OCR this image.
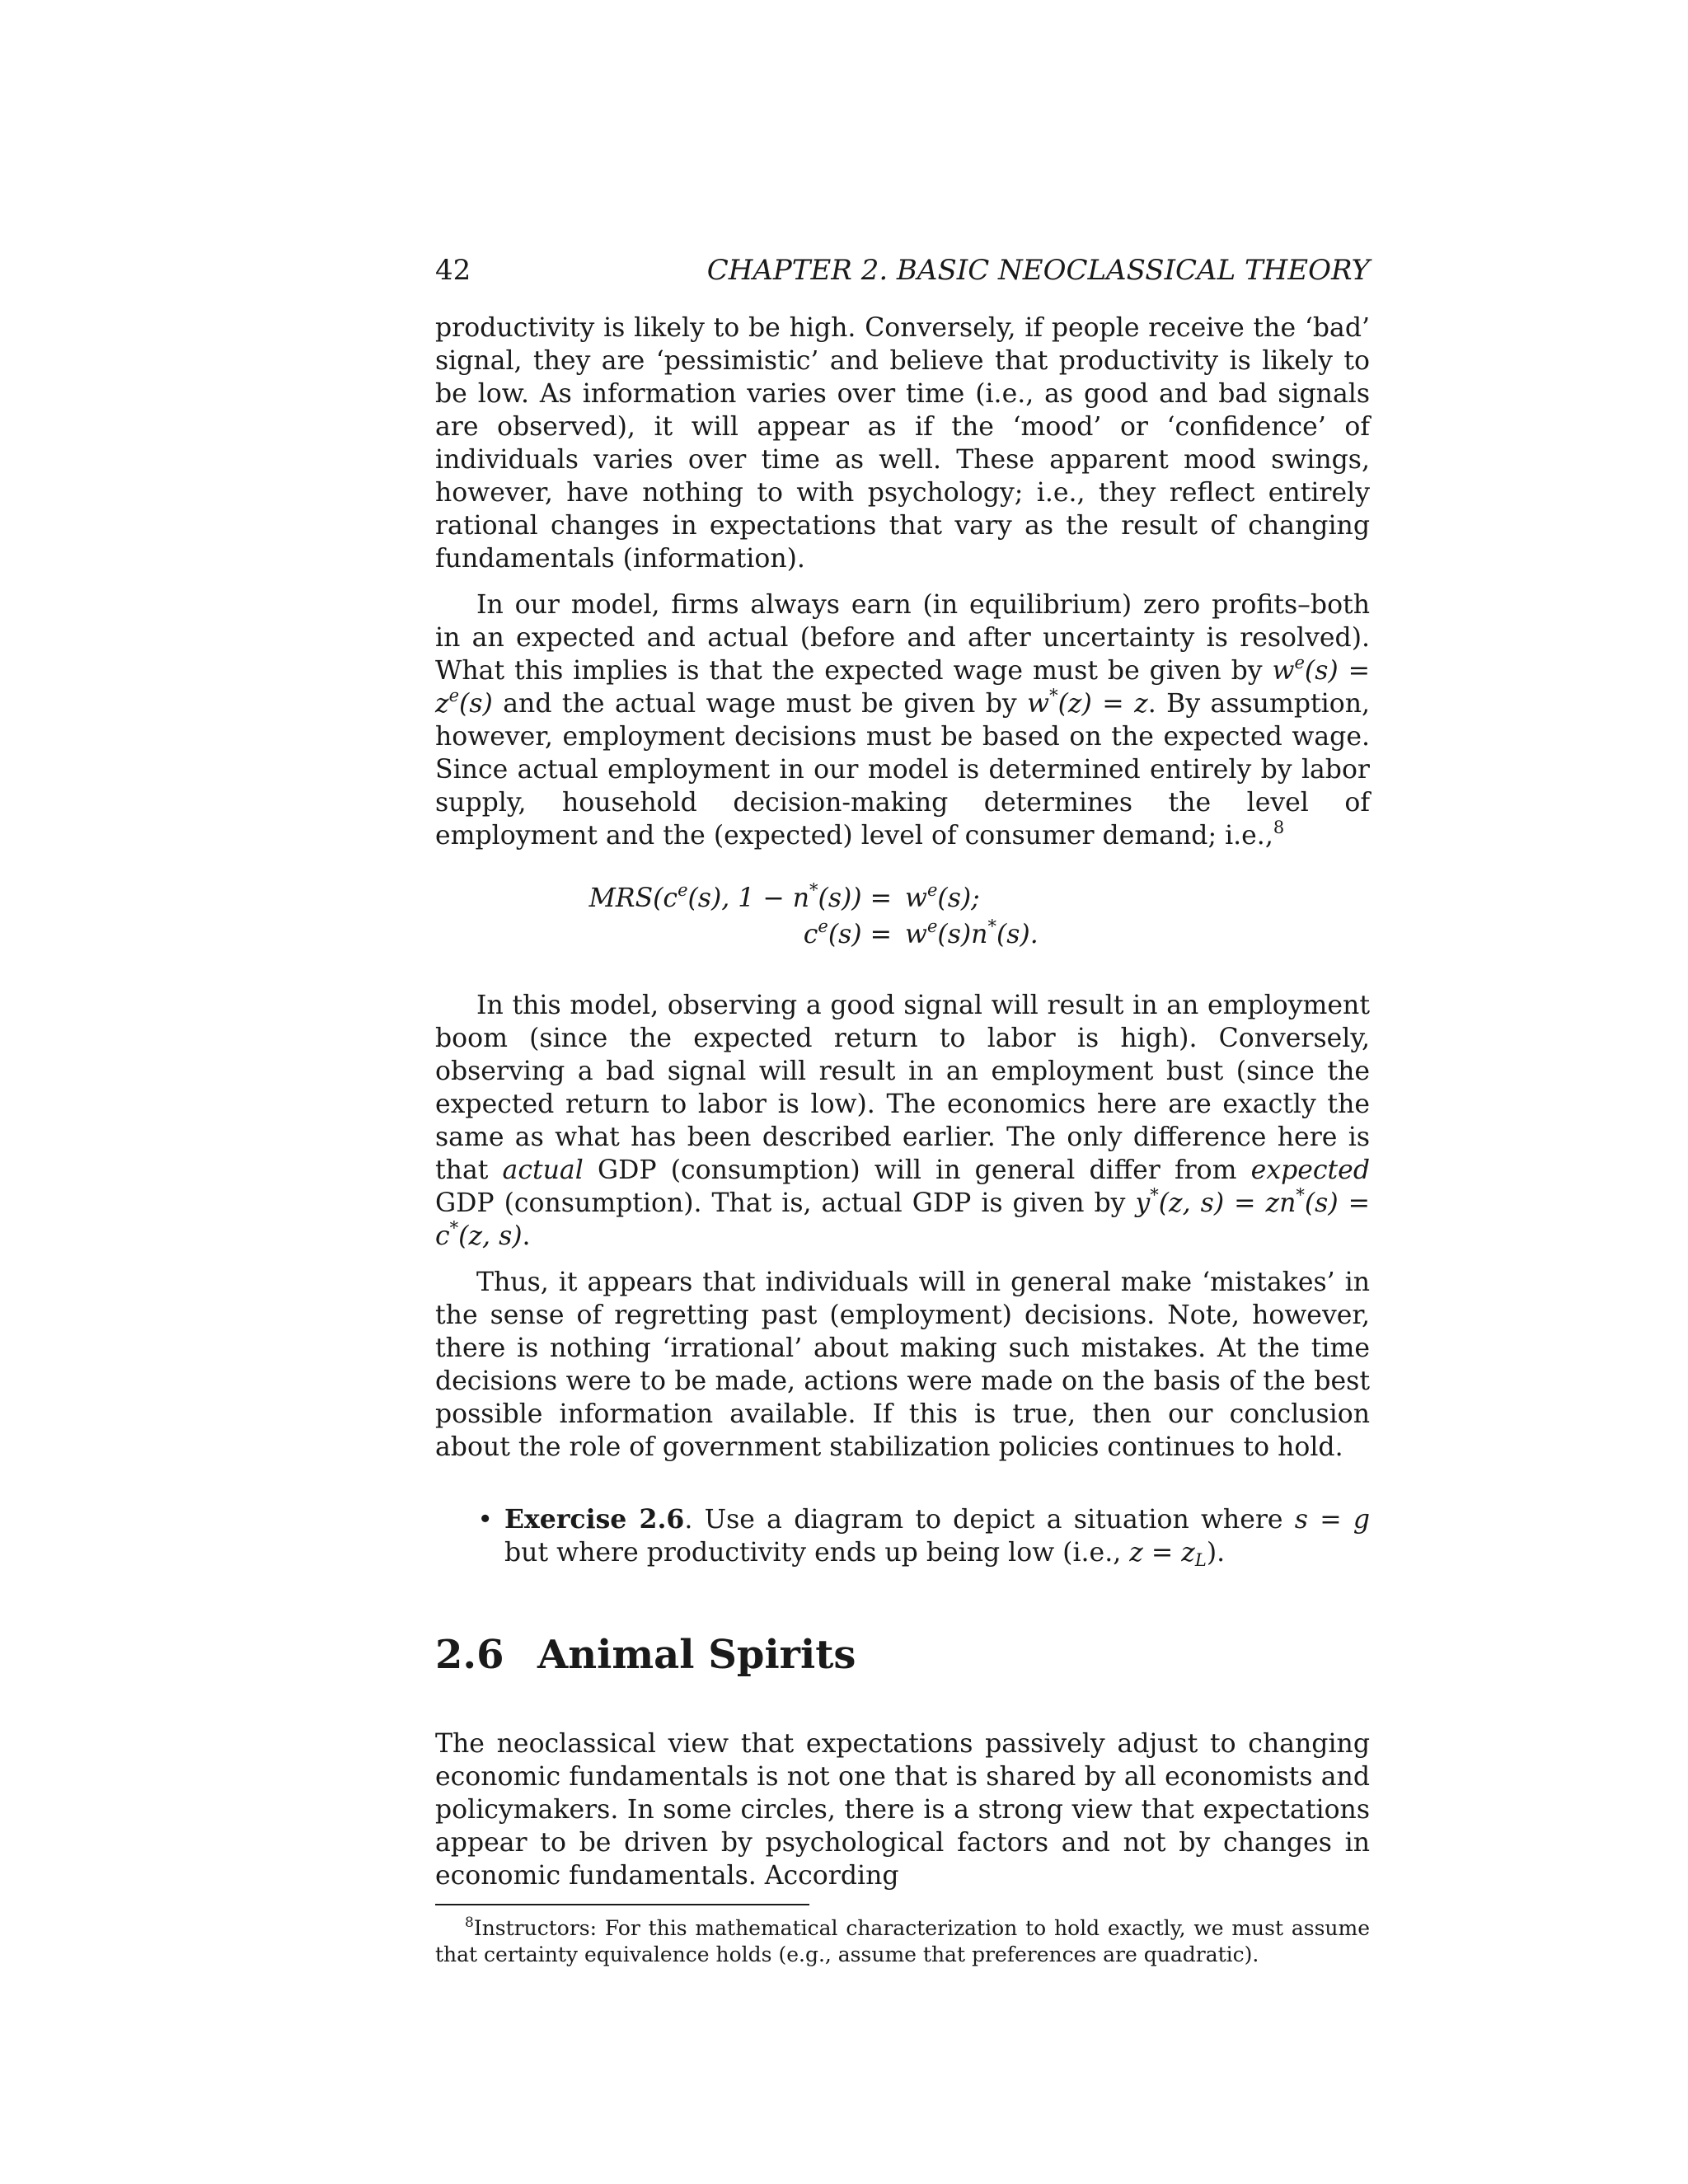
42	CHAPTER 2. BASIC NEOCLASSICAL THEORY

productivity is likely to be high. Conversely, if people receive the ‘bad’ signal, they are ‘pessimistic’ and believe that productivity is likely to be low. As information varies over time (i.e., as good and bad signals are observed), it will appear as if the ‘mood’ or ‘confidence’ of individuals varies over time as well. These apparent mood swings, however, have nothing to with psychology; i.e., they reflect entirely rational changes in expectations that vary as the result of changing fundamentals (information).

In our model, firms always earn (in equilibrium) zero profits–both in an expected and actual (before and after uncertainty is resolved). What this implies is that the expected wage must be given by $w^e(s) = z^e(s)$ and the actual wage must be given by w*(z) = z. By assumption, however, employment decisions must be based on the expected wage. Since actual employment in our model is determined entirely by labor supply, household decision-making determines the level of employment and the (expected) level of consumer demand; i.e.,$^8$

$MRS(c^e(s)$, $1 - n^*(s)) = w^e(s)$;
$c^e(s) = w^e(s)n^*(s)$.

In this model, observing a good signal will result in an employment boom (since the expected return to labor is high). Conversely, observing a bad signal will result in an employment bust (since the expected return to labor is low). The economics here are exactly the same as what has been described earlier. The only difference here is that actual GDP (consumption) will in general differ from expected GDP (consumption). That is, actual GDP is given by y*(z, s) = zn*(s) = c*(z, s).

Thus, it appears that individuals will in general make ‘mistakes’ in the sense of regretting past (employment) decisions. Note, however, there is nothing ‘irrational’ about making such mistakes. At the time decisions were to be made, actions were made on the basis of the best possible information available. If this is true, then our conclusion about the role of government stabilization policies continues to hold.

• Exercise 2.6. Use a diagram to depict a situation where s = g but where productivity ends up being low (i.e., $z = z_L$).
2.6 Animal Spirits

The neoclassical view that expectations passively adjust to changing economic fundamentals is not one that is shared by all economists and policymakers. In some circles, there is a strong view that expectations appear to be driven by psychological factors and not by changes in economic fundamentals. According

$^8$Instructors: For this mathematical characterization to hold exactly, we must assume that certainty equivalence holds (e.g., assume that preferences are quadratic).
